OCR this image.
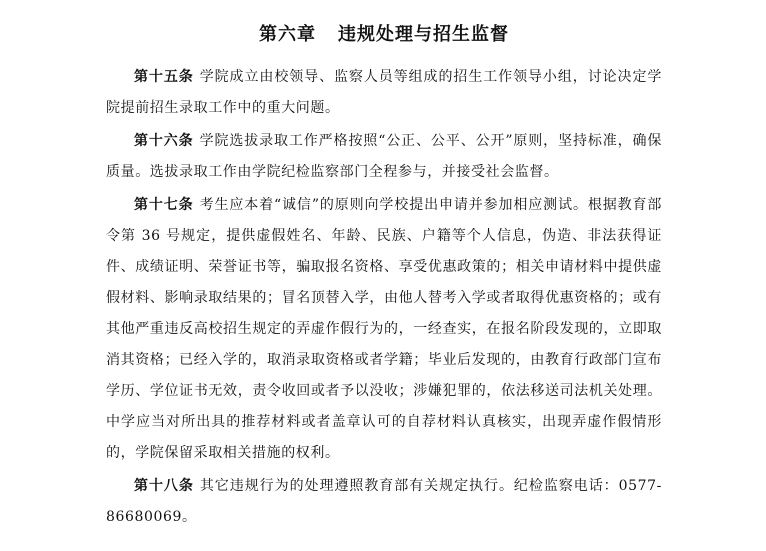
第六章 违规处理与招生监督

第十五条 学院成立由校领导、监察人员等组成的招生工作领导小组，讨论决定学院提前招生录取工作中的重大问题。

第十六条 学院选拔录取工作严格按照“公正、公平、公开”原则，坚持标准，确保质量。选拔录取工作由学院纪检监察部门全程参与，并接受社会监督。

第十七条 考生应本着“诚信”的原则向学校提出申请并参加相应测试。根据教育部令第 36 号规定，提供虚假姓名、年龄、民族、户籍等个人信息，伪造、非法获得证件、成绩证明、荣誉证书等，骗取报名资格、享受优惠政策的；相关申请材料中提供虚假材料、影响录取结果的；冒名顶替入学，由他人替考入学或者取得优惠资格的；或有其他严重违反高校招生规定的弄虚作假行为的，一经查实，在报名阶段发现的，立即取消其资格；已经入学的，取消录取资格或者学籍；毕业后发现的，由教育行政部门宣布学历、学位证书无效，责令收回或者予以没收；涉嫌犯罪的，依法移送司法机关处理。中学应当对所出具的推荐材料或者盖章认可的自荐材料认真核实，出现弄虚作假情形的，学院保留采取相关措施的权利。

第十八条 其它违规行为的处理遵照教育部有关规定执行。纪检监察电话：0577-86680069。
